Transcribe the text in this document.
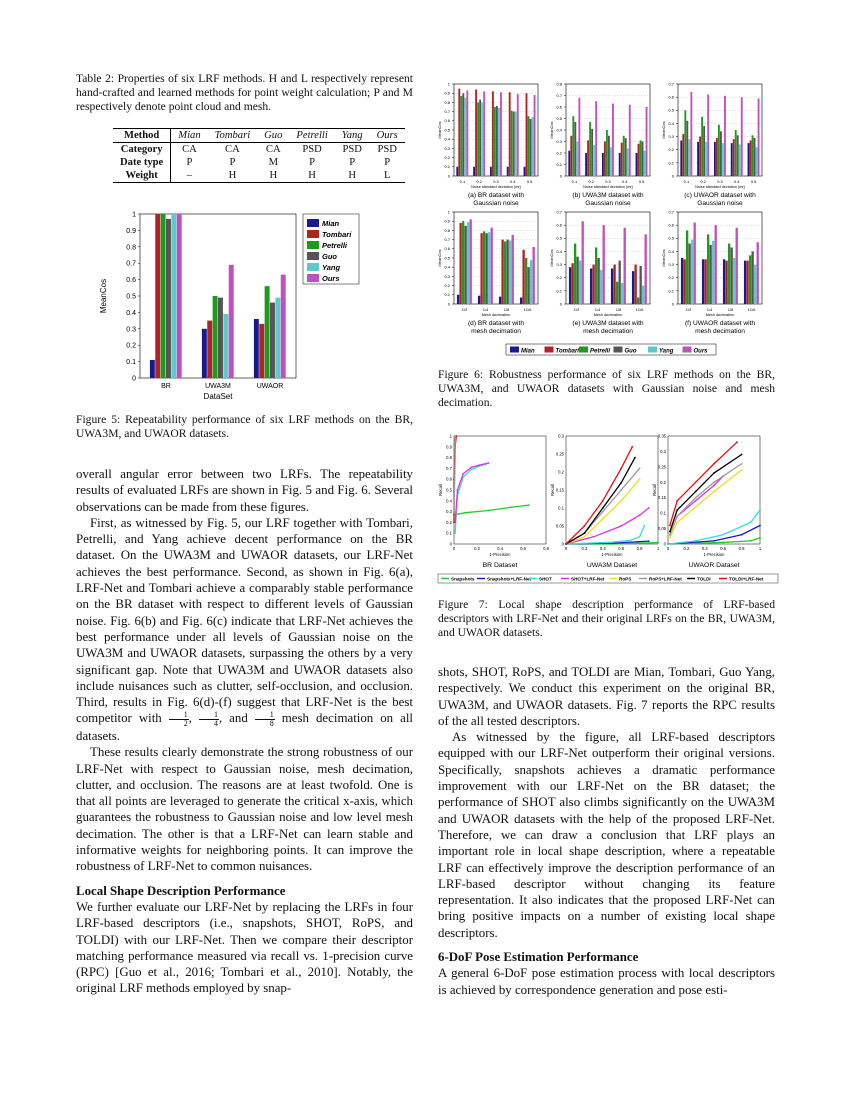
Table 2: Properties of six LRF methods. H and L respectively represent hand-crafted and learned methods for point weight calculation; P and M respectively denote point cloud and mesh.
Method	Mian	Tombari	Guo	Petrelli	Yang	Ours
Category	CA	CA	CA	PSD	PSD	PSD
Date type	P	P	M	P	P	P
Weight	–	H	H	H	H	L
0
0.1
0.2
0.3
0.4
0.5
0.6
0.7
0.8
0.9
1
BR	UWA3M	UWAOR
DataSet
MeanCos
Mian
Tombari
Petrelli
Guo
Yang
Ours
Figure 5: Repeatability performance of six LRF methods on the BR, UWA3M, and UWAOR datasets.

overall angular error between two LRFs. The repeatability results of evaluated LRFs are shown in Fig. 5 and Fig. 6. Several observations can be made from these figures.

First, as witnessed by Fig. 5, our LRF together with Tombari, Petrelli, and Yang achieve decent performance on the BR dataset. On the UWA3M and UWAOR datasets, our LRF-Net achieves the best performance. Second, as shown in Fig. 6(a), LRF-Net and Tombari achieve a comparably stable performance on the BR dataset with respect to different levels of Gaussian noise. Fig. 6(b) and Fig. 6(c) indicate that LRF-Net achieves the best performance under all levels of Gaussian noise on the UWA3M and UWAOR datasets, surpassing the others by a very significant gap. Note that UWA3M and UWAOR datasets also include nuisances such as clutter, self-occlusion, and occlusion. Third, results in Fig. 6(d)-(f) suggest that LRF-Net is the best competitor with $\frac{1}{2}$ , $\frac{1}{4}$ , and $\frac{1}{8}$ mesh decimation on all datasets.

These results clearly demonstrate the strong robustness of our LRF-Net with respect to Gaussian noise, mesh decimation, clutter, and occlusion. The reasons are at least twofold. One is that all points are leveraged to generate the critical x-axis, which guarantees the robustness to Gaussian noise and low level mesh decimation. The other is that a LRF-Net can learn stable and informative weights for neighboring points. It can improve the robustness of LRF-Net to common nuisances.

Local Shape Description Performance

We further evaluate our LRF-Net by replacing the LRFs in four LRF-based descriptors (i.e., snapshots, SHOT, RoPS, and TOLDI) with our LRF-Net. Then we compare their descriptor matching performance measured via recall vs. 1-precision curve (RPC) [Guo et al., 2016; Tombari et al., 2010]. Notably, the original LRF methods employed by snap-

0
0.1
0.2
0.3
0.4
0.5
0.6
0.7
0.8
0.9
1
0.1	0.2	0.3	0.4	0.5
MeanCos
Noise standard deviation (mr)
(a) BR dataset with
Gaussian noise
0
0.1
0.2
0.3
0.4
0.5
0.6
0.7
0.8
0.1	0.2	0.3	0.4	0.5
MeanCos
Noise standard deviation (mr)
(b) UWA3M dataset with
Gaussian noise
0
0.1
0.2
0.3
0.4
0.5
0.6
0.7
0.1	0.2	0.3	0.4	0.5
MeanCos
Noise standard deviation (mr)
(c) UWAOR dataset with
Gaussian noise
0
0.1
0.2
0.3
0.4
0.5
0.6
0.7
0.8
0.9
1
1/2	1/4	1/8	1/16
MeanCos
Mesh decimation
(d) BR dataset with
mesh decimation
0
0.1
0.2
0.3
0.4
0.5
0.6
0.7
1/2	1/4	1/8	1/16
MeanCos
Mesh decimation
(e) UWA3M dataset with
mesh decimation
0
0.1
0.2
0.3
0.4
0.5
0.6
0.7
1/2	1/4	1/8	1/16
MeanCos
Mesh decimation
(f) UWAOR dataset with
mesh decimation
Mian	Tombari Petrelli Guo	Yang	Ours
Figure 6: Robustness performance of six LRF methods on the BR, UWA3M, and UWAOR datasets with Gaussian noise and mesh decimation.
0
0.1
0.2
0.3
0.4
0.5
0.6
0.7
0.8
0.9
1
0	0.2	0.4	0.6	0.8
1-Precision
Recall
BR Dataset
0
0.05
0.1
0.15
0.2
0.25
0.3
0	0.2	0.4	0.6	0.8	1
1-Precision
Recall
UWA3M Dataset
0
0.05
0.1
0.15
0.2
0.25
0.3
0.35
0	0.2	0.4	0.6	0.8	1
1-Precision
Recall
UWAOR Dataset
Snapshots	Snapshots+LRF-Net SHOT	SHOT+LRF-Net	RoPS	RoPS+LRF-Net	TOLDI	TOLDI+LRF-Net
Figure 7: Local shape description performance of LRF-based descriptors with LRF-Net and their original LRFs on the BR, UWA3M, and UWAOR datasets.

shots, SHOT, RoPS, and TOLDI are Mian, Tombari, Guo Yang, respectively. We conduct this experiment on the original BR, UWA3M, and UWAOR datasets. Fig. 7 reports the RPC results of the all tested descriptors.

As witnessed by the figure, all LRF-based descriptors equipped with our LRF-Net outperform their original versions. Specifically, snapshots achieves a dramatic performance improvement with our LRF-Net on the BR dataset; the performance of SHOT also climbs significantly on the UWA3M and UWAOR datasets with the help of the proposed LRF-Net. Therefore, we can draw a conclusion that LRF plays an important role in local shape description, where a repeatable LRF can effectively improve the description performance of an LRF-based descriptor without changing its feature representation. It also indicates that the proposed LRF-Net can bring positive impacts on a number of existing local shape descriptors.

6-DoF Pose Estimation Performance

A general 6-DoF pose estimation process with local descriptors is achieved by correspondence generation and pose esti-
